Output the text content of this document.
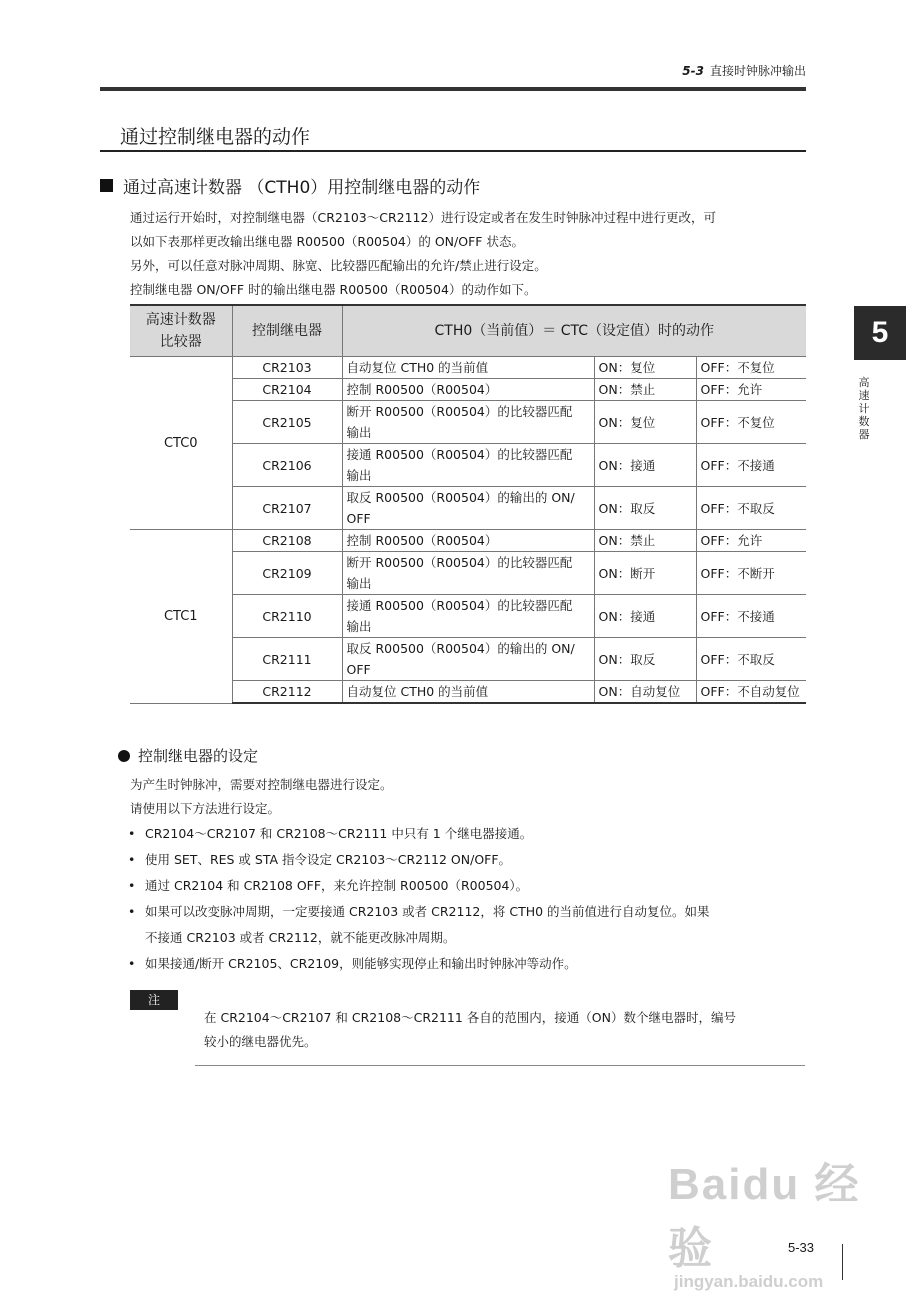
5-3 直接时钟脉冲输出
通过控制继电器的动作
通过高速计数器 （CTH0）用控制继电器的动作

通过运行开始时，对控制继电器（CR2103～CR2112）进行设定或者在发生时钟脉冲过程中进行更改，可

以如下表那样更改输出继电器 R00500（R00504）的 ON/OFF 状态。

另外，可以任意对脉冲周期、脉宽、比较器匹配输出的允许/禁止进行设定。

控制继电器 ON/OFF 时的输出继电器 R00500（R00504）的动作如下。

高速计数器
比较器	控制继电器	CTH0（当前值）＝ CTC（设定值）时的动作		
CTC0	CR2103	自动复位 CTH0 的当前值	ON：复位	OFF：不复位
	CR2104	控制 R00500（R00504）	ON：禁止	OFF：允许
	CR2105	断开 R00500（R00504）的比较器匹配
输出	ON：复位	OFF：不复位
	CR2106	接通 R00500（R00504）的比较器匹配
输出	ON：接通	OFF：不接通
	CR2107	取反 R00500（R00504）的输出的 ON/
OFF	ON：取反	OFF：不取反
CTC1	CR2108	控制 R00500（R00504）	ON：禁止	OFF：允许
	CR2109	断开 R00500（R00504）的比较器匹配
输出	ON：断开	OFF：不断开
	CR2110	接通 R00500（R00504）的比较器匹配
输出	ON：接通	OFF：不接通
	CR2111	取反 R00500（R00504）的输出的 ON/
OFF	ON：取反	OFF：不取反
	CR2112	自动复位 CTH0 的当前值	ON：自动复位	OFF：不自动复位
控制继电器的设定

为产生时钟脉冲，需要对控制继电器进行设定。

请使用以下方法进行设定。

• CR2104～CR2107 和 CR2108～CR2111 中只有 1 个继电器接通。
• 使用 SET、RES 或 STA 指令设定 CR2103～CR2112 ON/OFF。
• 通过 CR2104 和 CR2108 OFF，来允许控制 R00500（R00504）。
• 如果可以改变脉冲周期，一定要接通 CR2103 或者 CR2112，将 CTH0 的当前值进行自动复位。如果
不接通 CR2103 或者 CR2112，就不能更改脉冲周期。
• 如果接通/断开 CR2105、CR2109，则能够实现停止和输出时钟脉冲等动作。
注
在 CR2104～CR2107 和 CR2108～CR2111 各自的范围内，接通（ON）数个继电器时，编号
较小的继电器优先。
5
高
速
计
数
器
Baidu 经验
jingyan.baidu.com
5-33
